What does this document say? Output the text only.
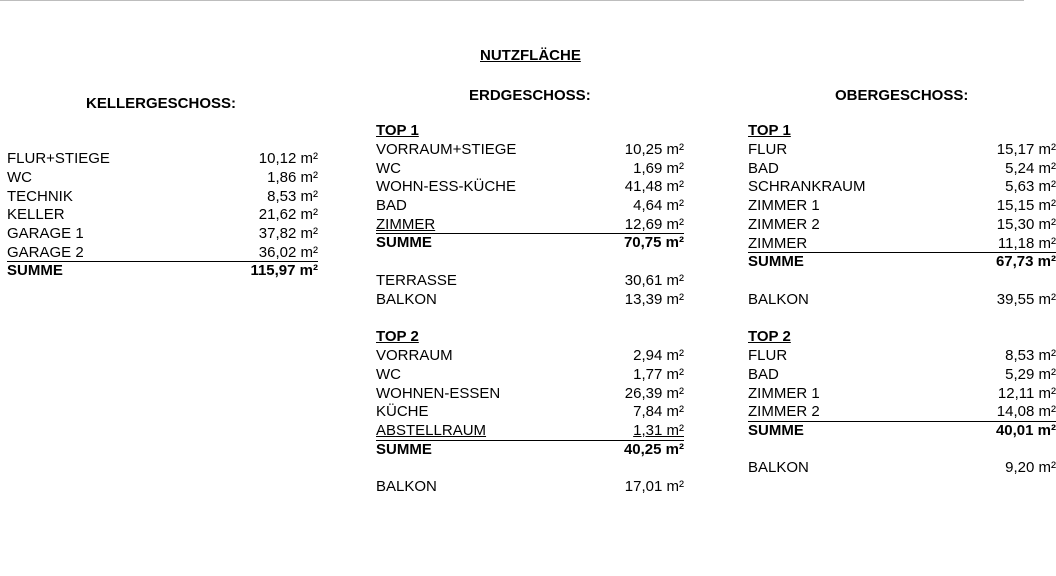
NUTZFLÄCHE
KELLERGESCHOSS:	ERDGESCHOSS:	OBERGESCHOSS:
FLUR+STIEGE	10,12 m²
WC	1,86 m²
TECHNIK	8,53 m²
KELLER	21,62 m²
GARAGE 1	37,82 m²
GARAGE 2	36,02 m²
SUMME	115,97 m²
TOP 1
VORRAUM+STIEGE	10,25 m²
WC	1,69 m²
WOHN-ESS-KÜCHE	41,48 m²
BAD	4,64 m²
ZIMMER	12,69 m²
SUMME	70,75 m²
TERRASSE	30,61 m²
BALKON	13,39 m²
TOP 2
VORRAUM	2,94 m²
WC	1,77 m²
WOHNEN-ESSEN	26,39 m²
KÜCHE	7,84 m²
ABSTELLRAUM	1,31 m²
SUMME	40,25 m²
BALKON	17,01 m²
TOP 1
FLUR	15,17 m²
BAD	5,24 m²
SCHRANKRAUM	5,63 m²
ZIMMER 1	15,15 m²
ZIMMER 2	15,30 m²
ZIMMER	11,18 m²
SUMME	67,73 m²
BALKON	39,55 m²
TOP 2
FLUR	8,53 m²
BAD	5,29 m²
ZIMMER 1	12,11 m²
ZIMMER 2	14,08 m²
SUMME	40,01 m²
BALKON	9,20 m²
